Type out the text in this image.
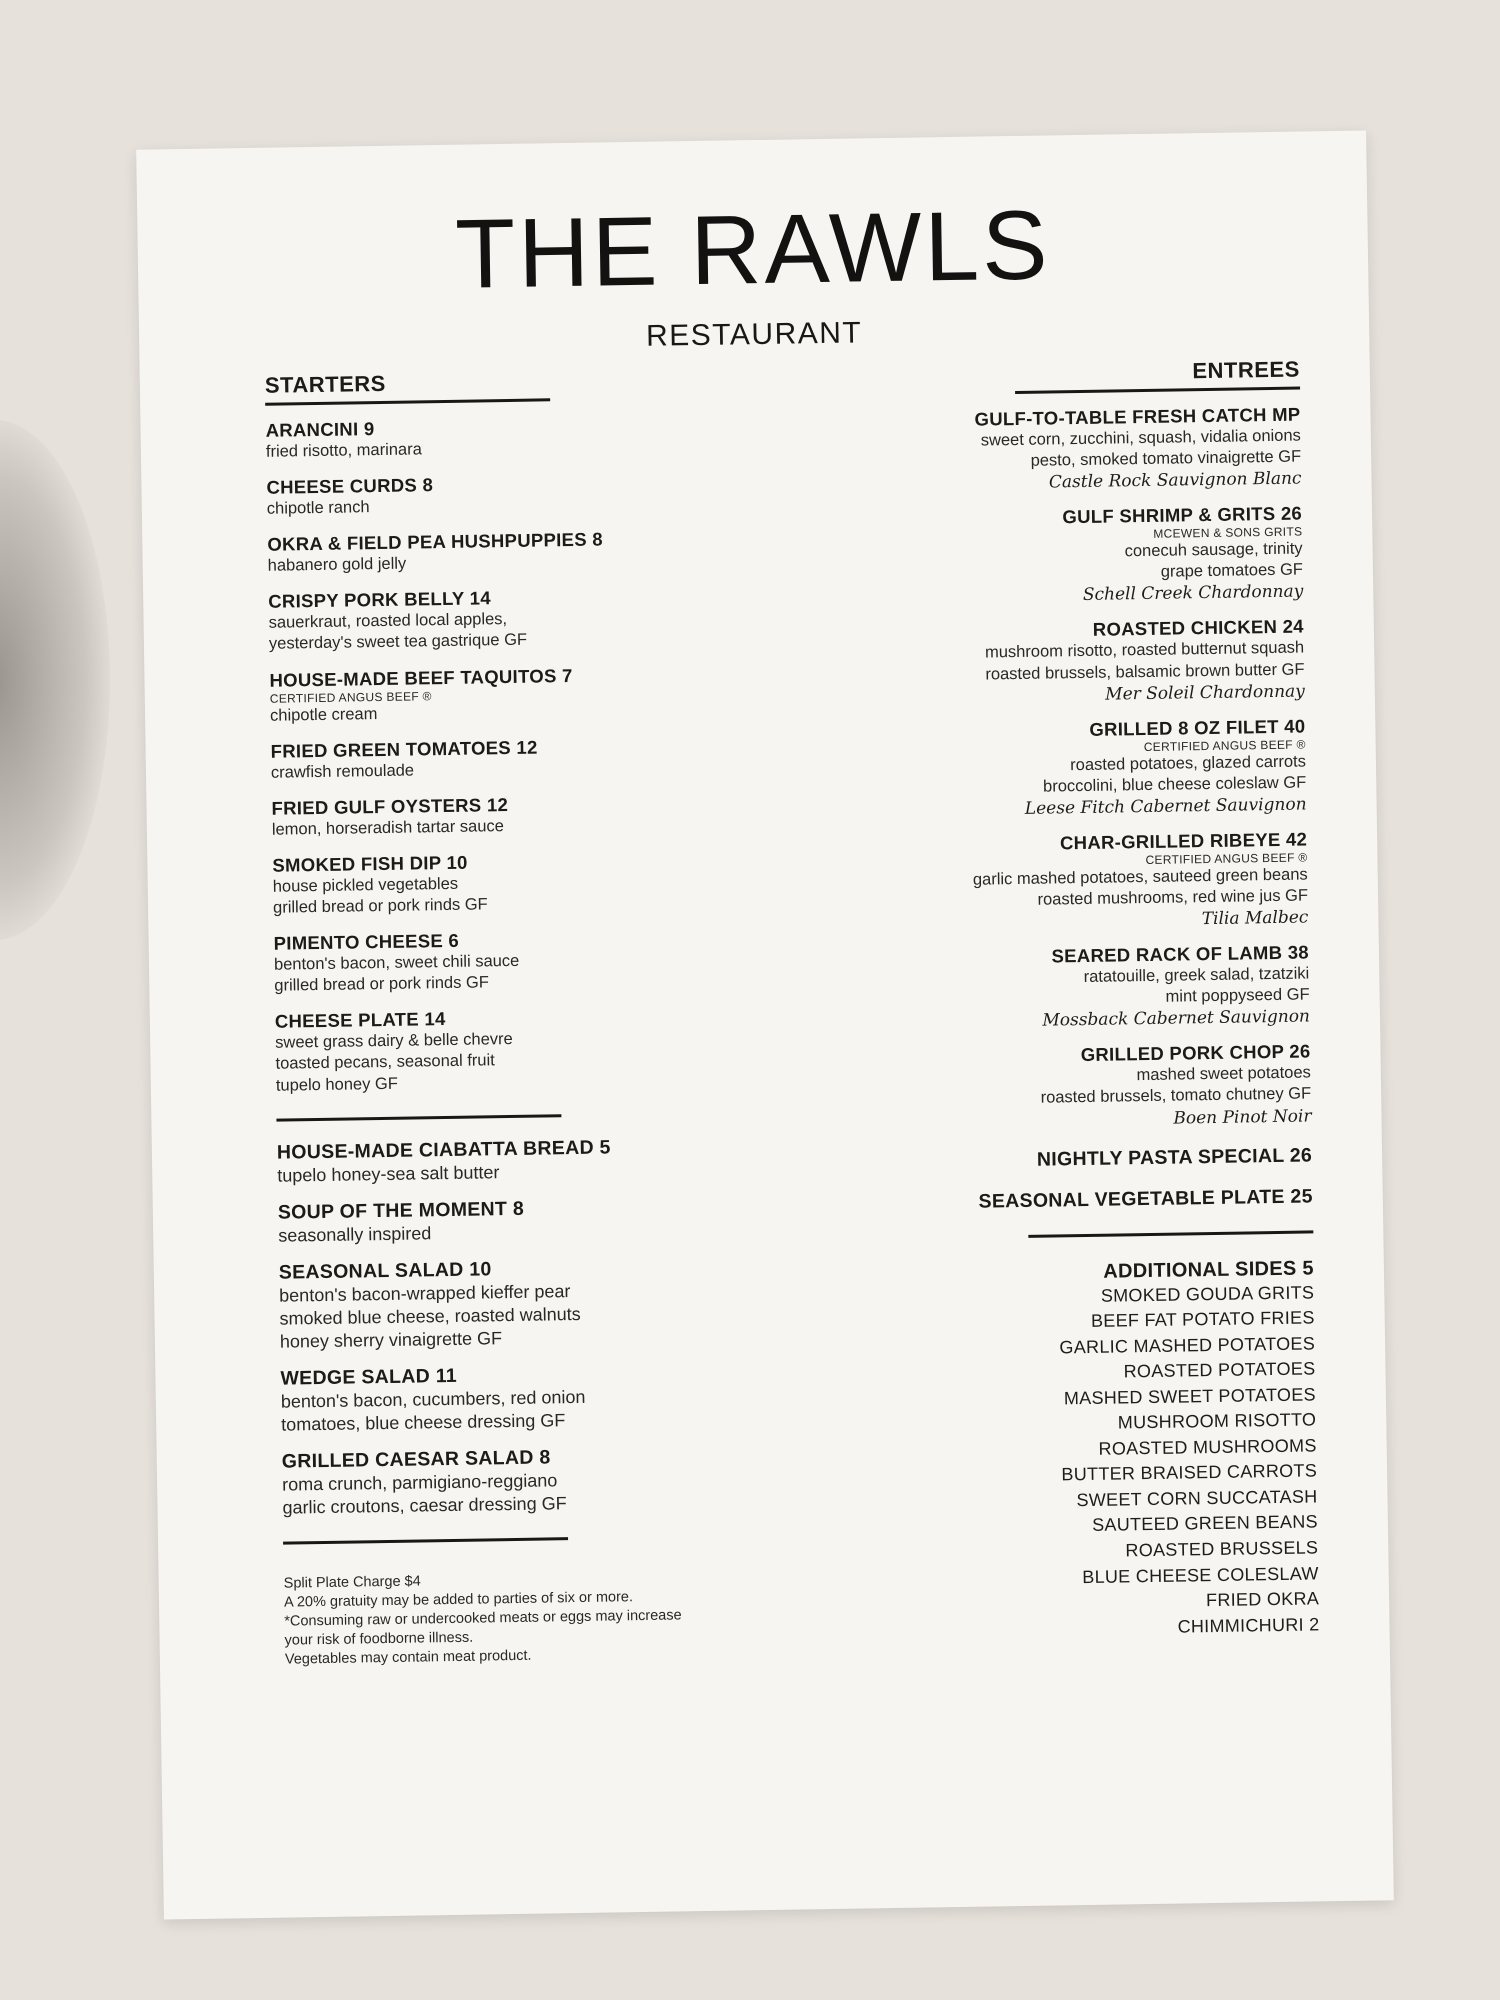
THE RAWLS
RESTAURANT
STARTERS
ARANCINI 9
fried risotto, marinara
CHEESE CURDS 8
chipotle ranch
OKRA & FIELD PEA HUSHPUPPIES 8
habanero gold jelly
CRISPY PORK BELLY 14
sauerkraut, roasted local apples,
yesterday's sweet tea gastrique GF
HOUSE-MADE BEEF TAQUITOS 7
CERTIFIED ANGUS BEEF ®
chipotle cream
FRIED GREEN TOMATOES 12
crawfish remoulade
FRIED GULF OYSTERS 12
lemon, horseradish tartar sauce
SMOKED FISH DIP 10
house pickled vegetables
grilled bread or pork rinds GF
PIMENTO CHEESE 6
benton's bacon, sweet chili sauce
grilled bread or pork rinds GF
CHEESE PLATE 14
sweet grass dairy & belle chevre
toasted pecans, seasonal fruit
tupelo honey GF
HOUSE-MADE CIABATTA BREAD 5
tupelo honey-sea salt butter
SOUP OF THE MOMENT 8
seasonally inspired
SEASONAL SALAD 10
benton's bacon-wrapped kieffer pear
smoked blue cheese, roasted walnuts
honey sherry vinaigrette GF
WEDGE SALAD 11
benton's bacon, cucumbers, red onion
tomatoes, blue cheese dressing GF
GRILLED CAESAR SALAD 8
roma crunch, parmigiano-reggiano
garlic croutons, caesar dressing GF
Split Plate Charge $4
A 20% gratuity may be added to parties of six or more.
*Consuming raw or undercooked meats or eggs may increase
your risk of foodborne illness.
Vegetables may contain meat product.
ENTREES
GULF-TO-TABLE FRESH CATCH MP
sweet corn, zucchini, squash, vidalia onions
pesto, smoked tomato vinaigrette GF
Castle Rock Sauvignon Blanc
GULF SHRIMP & GRITS 26
MCEWEN & SONS GRITS
conecuh sausage, trinity
grape tomatoes GF
Schell Creek Chardonnay
ROASTED CHICKEN 24
mushroom risotto, roasted butternut squash
roasted brussels, balsamic brown butter GF
Mer Soleil Chardonnay
GRILLED 8 OZ FILET 40
CERTIFIED ANGUS BEEF ®
roasted potatoes, glazed carrots
broccolini, blue cheese coleslaw GF
Leese Fitch Cabernet Sauvignon
CHAR-GRILLED RIBEYE 42
CERTIFIED ANGUS BEEF ®
garlic mashed potatoes, sauteed green beans
roasted mushrooms, red wine jus GF
Tilia Malbec
SEARED RACK OF LAMB 38
ratatouille, greek salad, tzatziki
mint poppyseed GF
Mossback Cabernet Sauvignon
GRILLED PORK CHOP 26
mashed sweet potatoes
roasted brussels, tomato chutney GF
Boen Pinot Noir
NIGHTLY PASTA SPECIAL 26
SEASONAL VEGETABLE PLATE 25
ADDITIONAL SIDES 5
SMOKED GOUDA GRITS
BEEF FAT POTATO FRIES
GARLIC MASHED POTATOES
ROASTED POTATOES
MASHED SWEET POTATOES
MUSHROOM RISOTTO
ROASTED MUSHROOMS
BUTTER BRAISED CARROTS
SWEET CORN SUCCATASH
SAUTEED GREEN BEANS
ROASTED BRUSSELS
BLUE CHEESE COLESLAW
FRIED OKRA
CHIMMICHURI 2
